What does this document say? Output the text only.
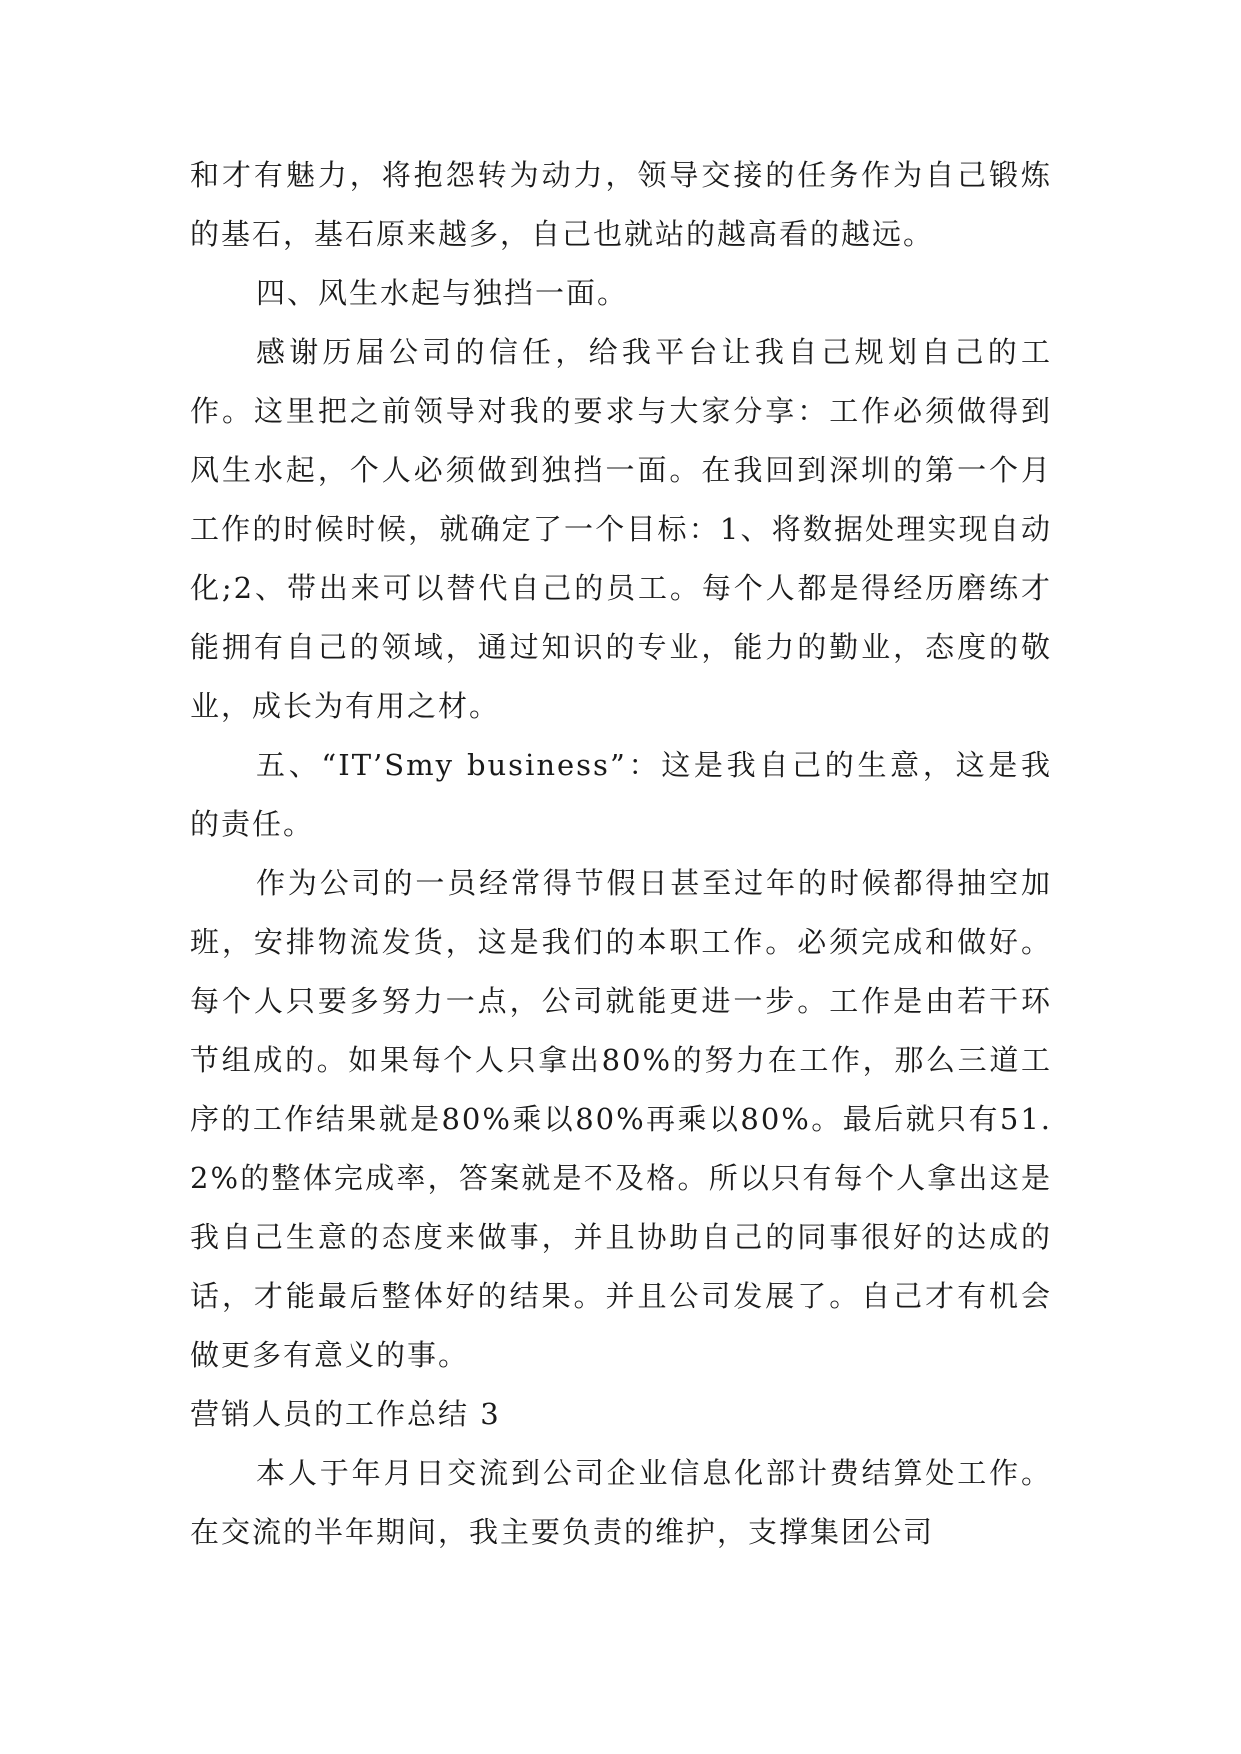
和才有魅力，将抱怨转为动力，领导交接的任务作为自己锻炼的基石，基石原来越多，自己也就站的越高看的越远。

四、风生水起与独挡一面。

感谢历届公司的信任，给我平台让我自己规划自己的工作。这里把之前领导对我的要求与大家分享：工作必须做得到风生水起，个人必须做到独挡一面。在我回到深圳的第一个月工作的时候时候，就确定了一个目标：1、将数据处理实现自动化;2、带出来可以替代自己的员工。每个人都是得经历磨练才能拥有自己的领域，通过知识的专业，能力的勤业，态度的敬业，成长为有用之材。

五、“IT’Smy business”：这是我自己的生意，这是我的责任。

作为公司的一员经常得节假日甚至过年的时候都得抽空加班，安排物流发货，这是我们的本职工作。必须完成和做好。每个人只要多努力一点，公司就能更进一步。工作是由若干环节组成的。如果每个人只拿出80%的努力在工作，那么三道工序的工作结果就是80%乘以80%再乘以80%。最后就只有51.2%的整体完成率，答案就是不及格。所以只有每个人拿出这是我自己生意的态度来做事，并且协助自己的同事很好的达成的话，才能最后整体好的结果。并且公司发展了。自己才有机会做更多有意义的事。

营销人员的工作总结 3

本人于年月日交流到公司企业信息化部计费结算处工作。在交流的半年期间，我主要负责的维护，支撑集团公司
